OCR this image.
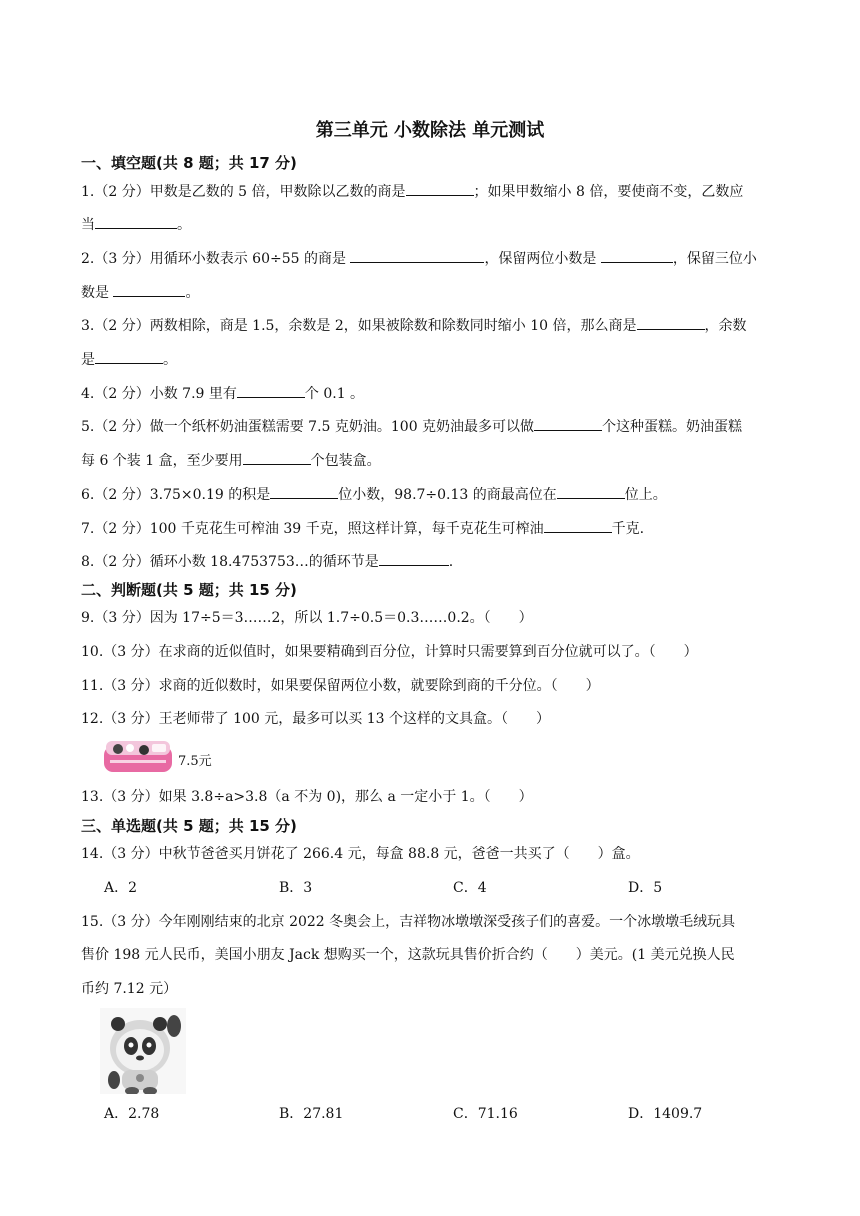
第三单元 小数除法 单元测试
一、填空题(共 8 题；共 17 分)
1.（2 分）甲数是乙数的 5 倍，甲数除以乙数的商是	；如果甲数缩小 8 倍，要使商不变，乙数应
当	。
2.（3 分）用循环小数表示 60÷55 的商是	，保留两位小数是	，保留三位小
数是	。
3.（2 分）两数相除，商是 1.5，余数是 2，如果被除数和除数同时缩小 10 倍，那么商是	，余数
是	。
4.（2 分）小数 7.9 里有	个 0.1 。
5.（2 分）做一个纸杯奶油蛋糕需要 7.5 克奶油。100 克奶油最多可以做	个这种蛋糕。奶油蛋糕
每 6 个装 1 盒，至少要用	个包装盒。
6.（2 分）3.75×0.19 的积是	位小数，98.7÷0.13 的商最高位在	位上。
7.（2 分）100 千克花生可榨油 39 千克，照这样计算，每千克花生可榨油	千克.
8.（2 分）循环小数 18.4753753…的循环节是	.
二、判断题(共 5 题；共 15 分)
9.（3 分）因为 17÷5＝3……2，所以 1.7÷0.5＝0.3……0.2。（　　）
10.（3 分）在求商的近似值时，如果要精确到百分位，计算时只需要算到百分位就可以了。（　　）
11.（3 分）求商的近似数时，如果要保留两位小数，就要除到商的千分位。（　　）
12.（3 分）王老师带了 100 元，最多可以买 13 个这样的文具盒。（　　）
7.5元
13.（3 分）如果 3.8÷a>3.8（a 不为 0)，那么 a 一定小于 1。（　　）
三、单选题(共 5 题；共 15 分)
14.（3 分）中秋节爸爸买月饼花了 266.4 元，每盒 88.8 元，爸爸一共买了（　　）盒。
A．2	B．3	C．4	D．5
15.（3 分）今年刚刚结束的北京 2022 冬奥会上，吉祥物冰墩墩深受孩子们的喜爱。一个冰墩墩毛绒玩具
售价 198 元人民币，美国小朋友 Jack 想购买一个，这款玩具售价折合约（　　）美元。(1 美元兑换人民
币约 7.12 元）
A．2.78	B．27.81	C．71.16	D．1409.7
